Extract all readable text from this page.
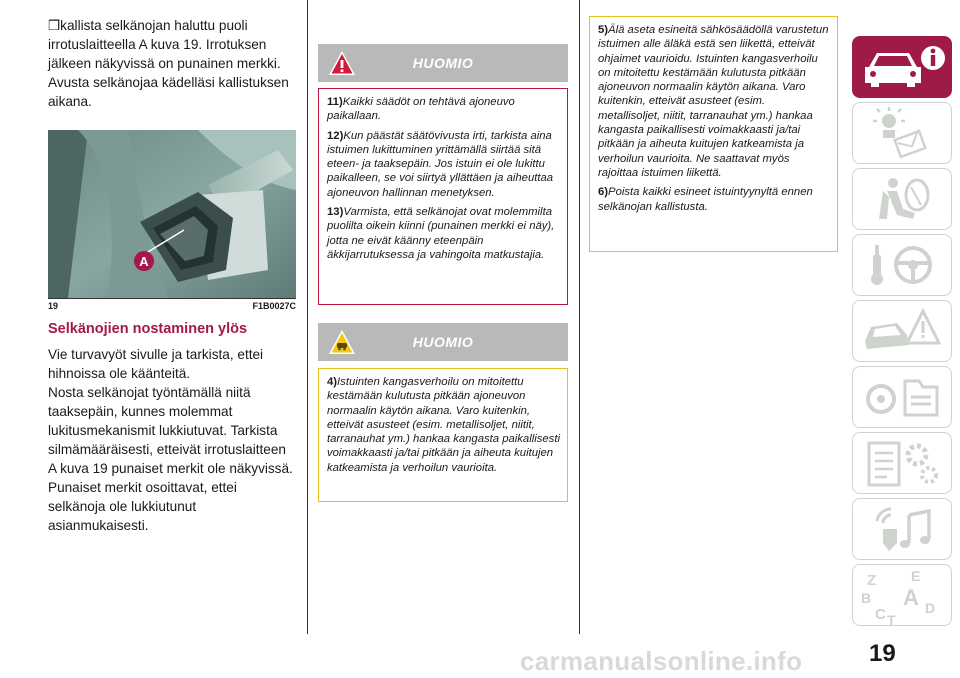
❒kallista selkänojan haluttu puoli irrotuslaitteella A kuva 19. Irrotuksen jälkeen näkyvissä on punainen merkki. Avusta selkänojaa kädelläsi kallistuksen aikana.

A
19	F1B0027C
Selkänojien nostaminen ylös

Vie turvavyöt sivulle ja tarkista, ettei hihnoissa ole käänteitä.
Nosta selkänojat työntämällä niitä taaksepäin, kunnes molemmat lukitusmekanismit lukkiutuvat. Tarkista silmämääräisesti, etteivät irrotuslaitteen A kuva 19 punaiset merkit ole näkyvissä. Punaiset merkit osoittavat, ettei selkänoja ole lukkiutunut asianmukaisesti.

HUOMIO

11)Kaikki säädöt on tehtävä ajoneuvo paikallaan.

12)Kun päästät säätövivusta irti, tarkista aina istuimen lukittuminen yrittämällä siirtää sitä eteen- ja taaksepäin. Jos istuin ei ole lukittu paikalleen, se voi siirtyä yllättäen ja aiheuttaa ajoneuvon hallinnan menetyksen.

13)Varmista, että selkänojat ovat molemmilta puolilta oikein kiinni (punainen merkki ei näy), jotta ne eivät käänny eteenpäin äkkijarrutuksessa ja vahingoita matkustajia.

HUOMIO

4)Istuinten kangasverhoilu on mitoitettu kestämään kulutusta pitkään ajoneuvon normaalin käytön aikana. Varo kuitenkin, etteivät asusteet (esim. metallisoljet, niitit, tarranauhat ym.) hankaa kangasta paikallisesti voimakkaasti ja/tai pitkään ja aiheuta kuitujen katkeamista ja verhoilun vaurioita.

5)Älä aseta esineitä sähkösäädöllä varustetun istuimen alle äläkä estä sen liikettä, etteivät ohjaimet vaurioidu. Istuinten kangasverhoilu on mitoitettu kestämään kulutusta pitkään ajoneuvon normaalin käytön aikana. Varo kuitenkin, etteivät asusteet (esim. metallisoljet, niitit, tarranauhat ym.) hankaa kangasta paikallisesti voimakkaasti ja/tai pitkään ja aiheuta kuitujen katkeamista ja verhoilun vaurioita. Ne saattavat myös rajoittaa istuimen liikettä.

6)Poista kaikki esineet istuintyynyltä ennen selkänojan kallistusta.

Z E
B A
C	D
T
19
carmanualsonline.info
